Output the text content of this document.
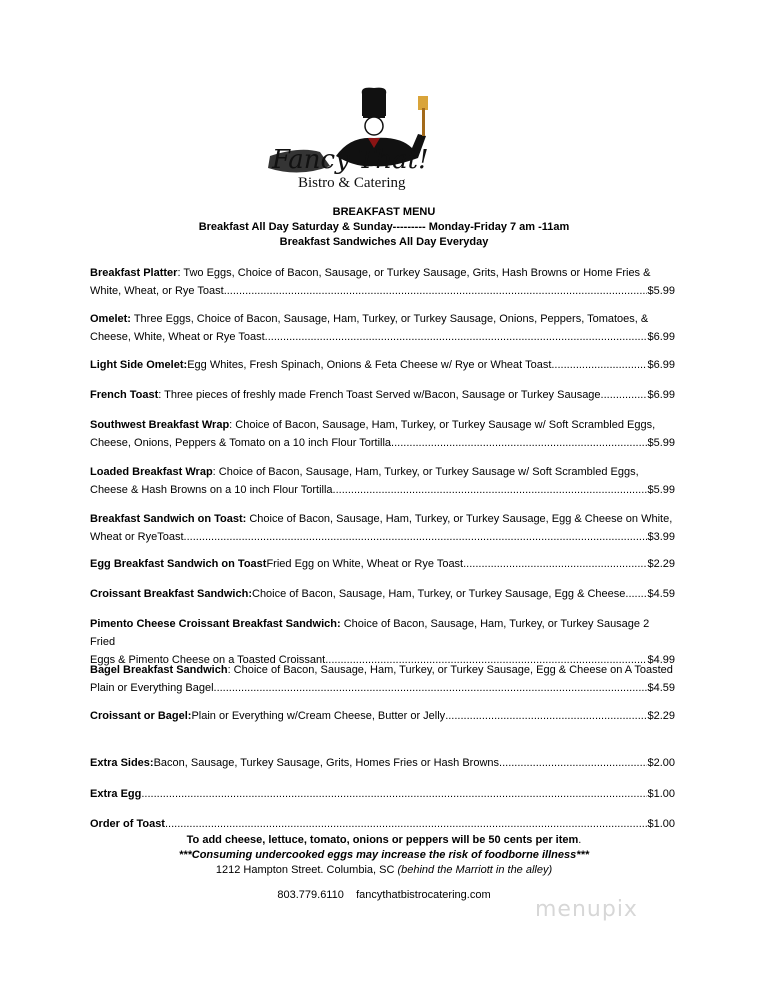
Fancy That!
Bistro & Catering
BREAKFAST MENU
Breakfast All Day Saturday & Sunday--------- Monday-Friday 7 am -11am
Breakfast Sandwiches All Day Everyday
Breakfast Platter: Two Eggs, Choice of Bacon, Sausage, or Turkey Sausage, Grits, Hash Browns or Home Fries &
White, Wheat, or Rye Toast .....	$5.99
Omelet: Three Eggs, Choice of Bacon, Sausage, Ham, Turkey, or Turkey Sausage, Onions, Peppers, Tomatoes, &
Cheese, White, Wheat or Rye Toast .....	$6.99
Light Side Omelet: Egg Whites, Fresh Spinach, Onions & Feta Cheese w/ Rye or Wheat Toast .....	$6.99
French Toast : Three pieces of freshly made French Toast Served w/Bacon, Sausage or Turkey Sausage .....	$6.99
Southwest Breakfast Wrap: Choice of Bacon, Sausage, Ham, Turkey, or Turkey Sausage w/ Soft Scrambled Eggs,
Cheese, Onions, Peppers & Tomato on a 10 inch Flour Tortilla .....	$5.99
Loaded Breakfast Wrap: Choice of Bacon, Sausage, Ham, Turkey, or Turkey Sausage w/ Soft Scrambled Eggs,
Cheese & Hash Browns on a 10 inch Flour Tortilla .....	$5.99
Breakfast Sandwich on Toast: Choice of Bacon, Sausage, Ham, Turkey, or Turkey Sausage, Egg & Cheese on White,
Wheat or RyeToast .....	$3.99
Egg Breakfast Sandwich on Toast Fried Egg on White, Wheat or Rye Toast .....	$2.29
Croissant Breakfast Sandwich: Choice of Bacon, Sausage, Ham, Turkey, or Turkey Sausage, Egg & Cheese ..... $4.59
Pimento Cheese Croissant Breakfast Sandwich: Choice of Bacon, Sausage, Ham, Turkey, or Turkey Sausage 2 Fried
Eggs & Pimento Cheese on a Toasted Croissant .....	$4.99
Bagel Breakfast Sandwich: Choice of Bacon, Sausage, Ham, Turkey, or Turkey Sausage, Egg & Cheese on A Toasted
Plain or Everything Bagel .....	$4.59
Croissant or Bagel: Plain or Everything w/Cream Cheese, Butter or Jelly .....	$2.29
Extra Sides: Bacon, Sausage, Turkey Sausage, Grits, Homes Fries or Hash Browns .....	$2.00
Extra Egg .....	$1.00
Order of Toast .....	$1.00
To add cheese, lettuce, tomato, onions or peppers will be 50 cents per item.
***Consuming undercooked eggs may increase the risk of foodborne illness***
1212 Hampton Street. Columbia, SC (behind the Marriott in the alley)
803.779.6110 fancythatbistrocatering.com
menupix
